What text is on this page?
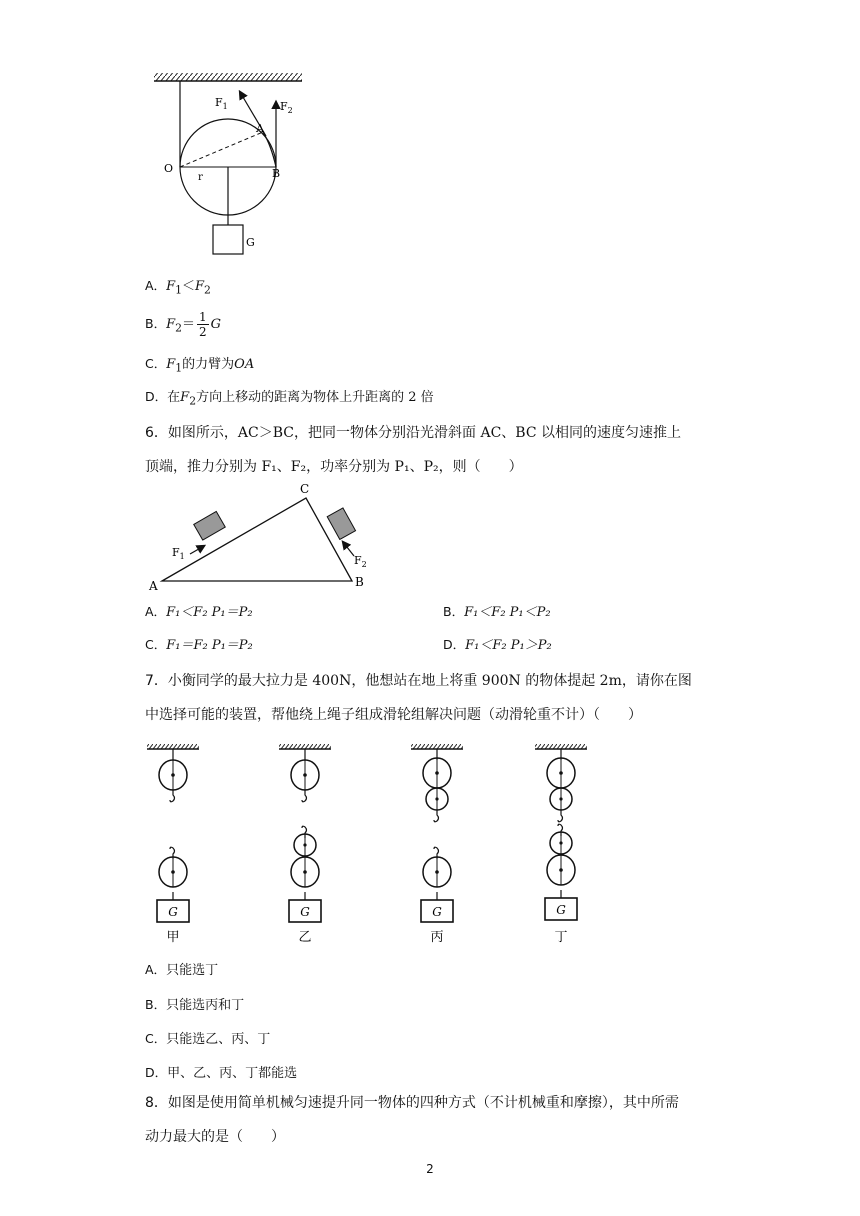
$F_1$	$F_2$
A
O	B
r
G
A．$F_1<F_2$
B．$F_2= \frac{1}{2}$ G
C．$F_1$的力臂为OA
D．在$F_2$方向上移动的距离为物体上升距离的 2 倍
6．如图所示，AC＞BC，把同一物体分别沿光滑斜面 AC、BC 以相同的速度匀速推上
顶端，推力分别为 F₁、F₂，功率分别为 P₁、P₂，则（　　）
C
A	B
$F_1$	$F_2$
A．F₁＜F₂ P₁＝P₂	B．F₁＜F₂ P₁＜P₂
C．F₁＝F₂ P₁＝P₂	D．F₁＜F₂ P₁＞P₂
7．小衡同学的最大拉力是 400N，他想站在地上将重 900N 的物体提起 2m，请你在图
中选择可能的装置，帮他绕上绳子组成滑轮组解决问题（动滑轮重不计）（　　）
G
甲
G
乙
G
丙
G
丁
A．只能选丁
B．只能选丙和丁
C．只能选乙、丙、丁
D．甲、乙、丙、丁都能选
8．如图是使用简单机械匀速提升同一物体的四种方式（不计机械重和摩擦），其中所需
动力最大的是（　　）
2
